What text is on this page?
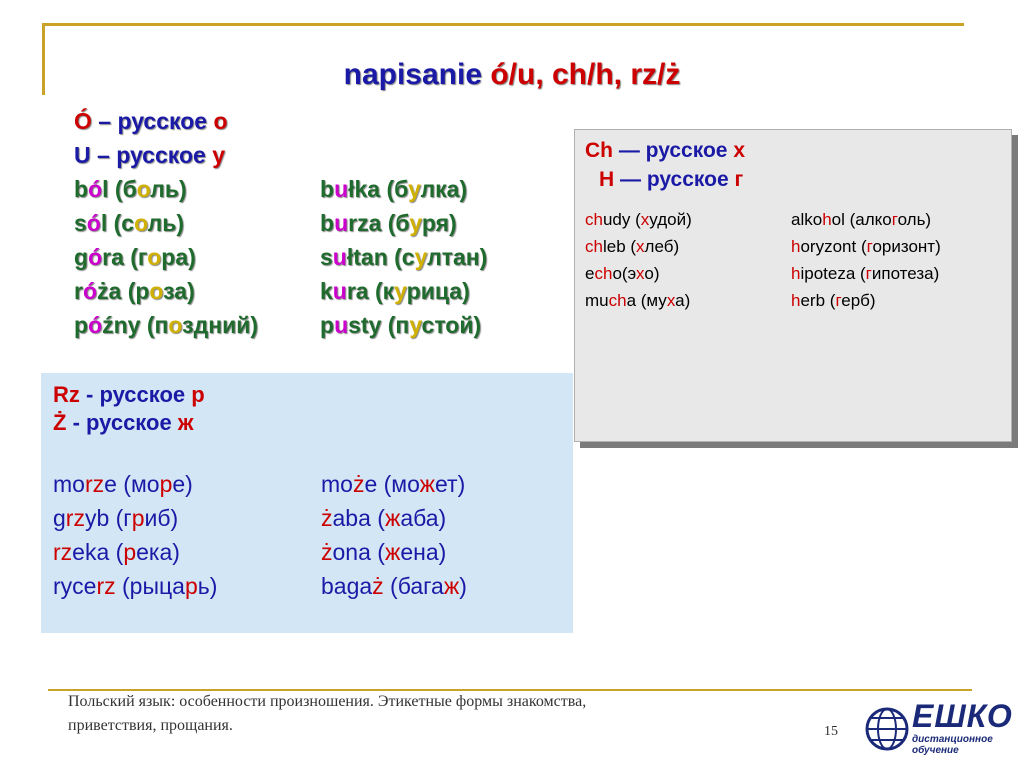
napisanie ó/u, ch/h, rz/ż
Ó – русское о
U – русское у
ból (боль)	bułka (булка)
sól (соль)	burza (буря)
góra (гора)	sułtan (султан)
róża (роза)	kura (курица)
późny (поздний)	pusty (пустой)
Ch — русское х
H — русское г
chudy (худой)	alkohol (алкоголь)
chleb (хлеб)	horyzont (горизонт)
echo(эхо)	hipoteza (гипотеза)
mucha (муха)	herb (герб)
Rz - русское р
Ż - русское ж
morze (море)	może (может)
grzyb (гриб)	żaba (жаба)
rzeka (река)	żona (жена)
rycerz (рыцарь)	bagaż (багаж)
Польский язык: особенности произношения. Этикетные формы знакомства,
приветствия, прощания.	15 ЕШКО
дистанционное
обучение
